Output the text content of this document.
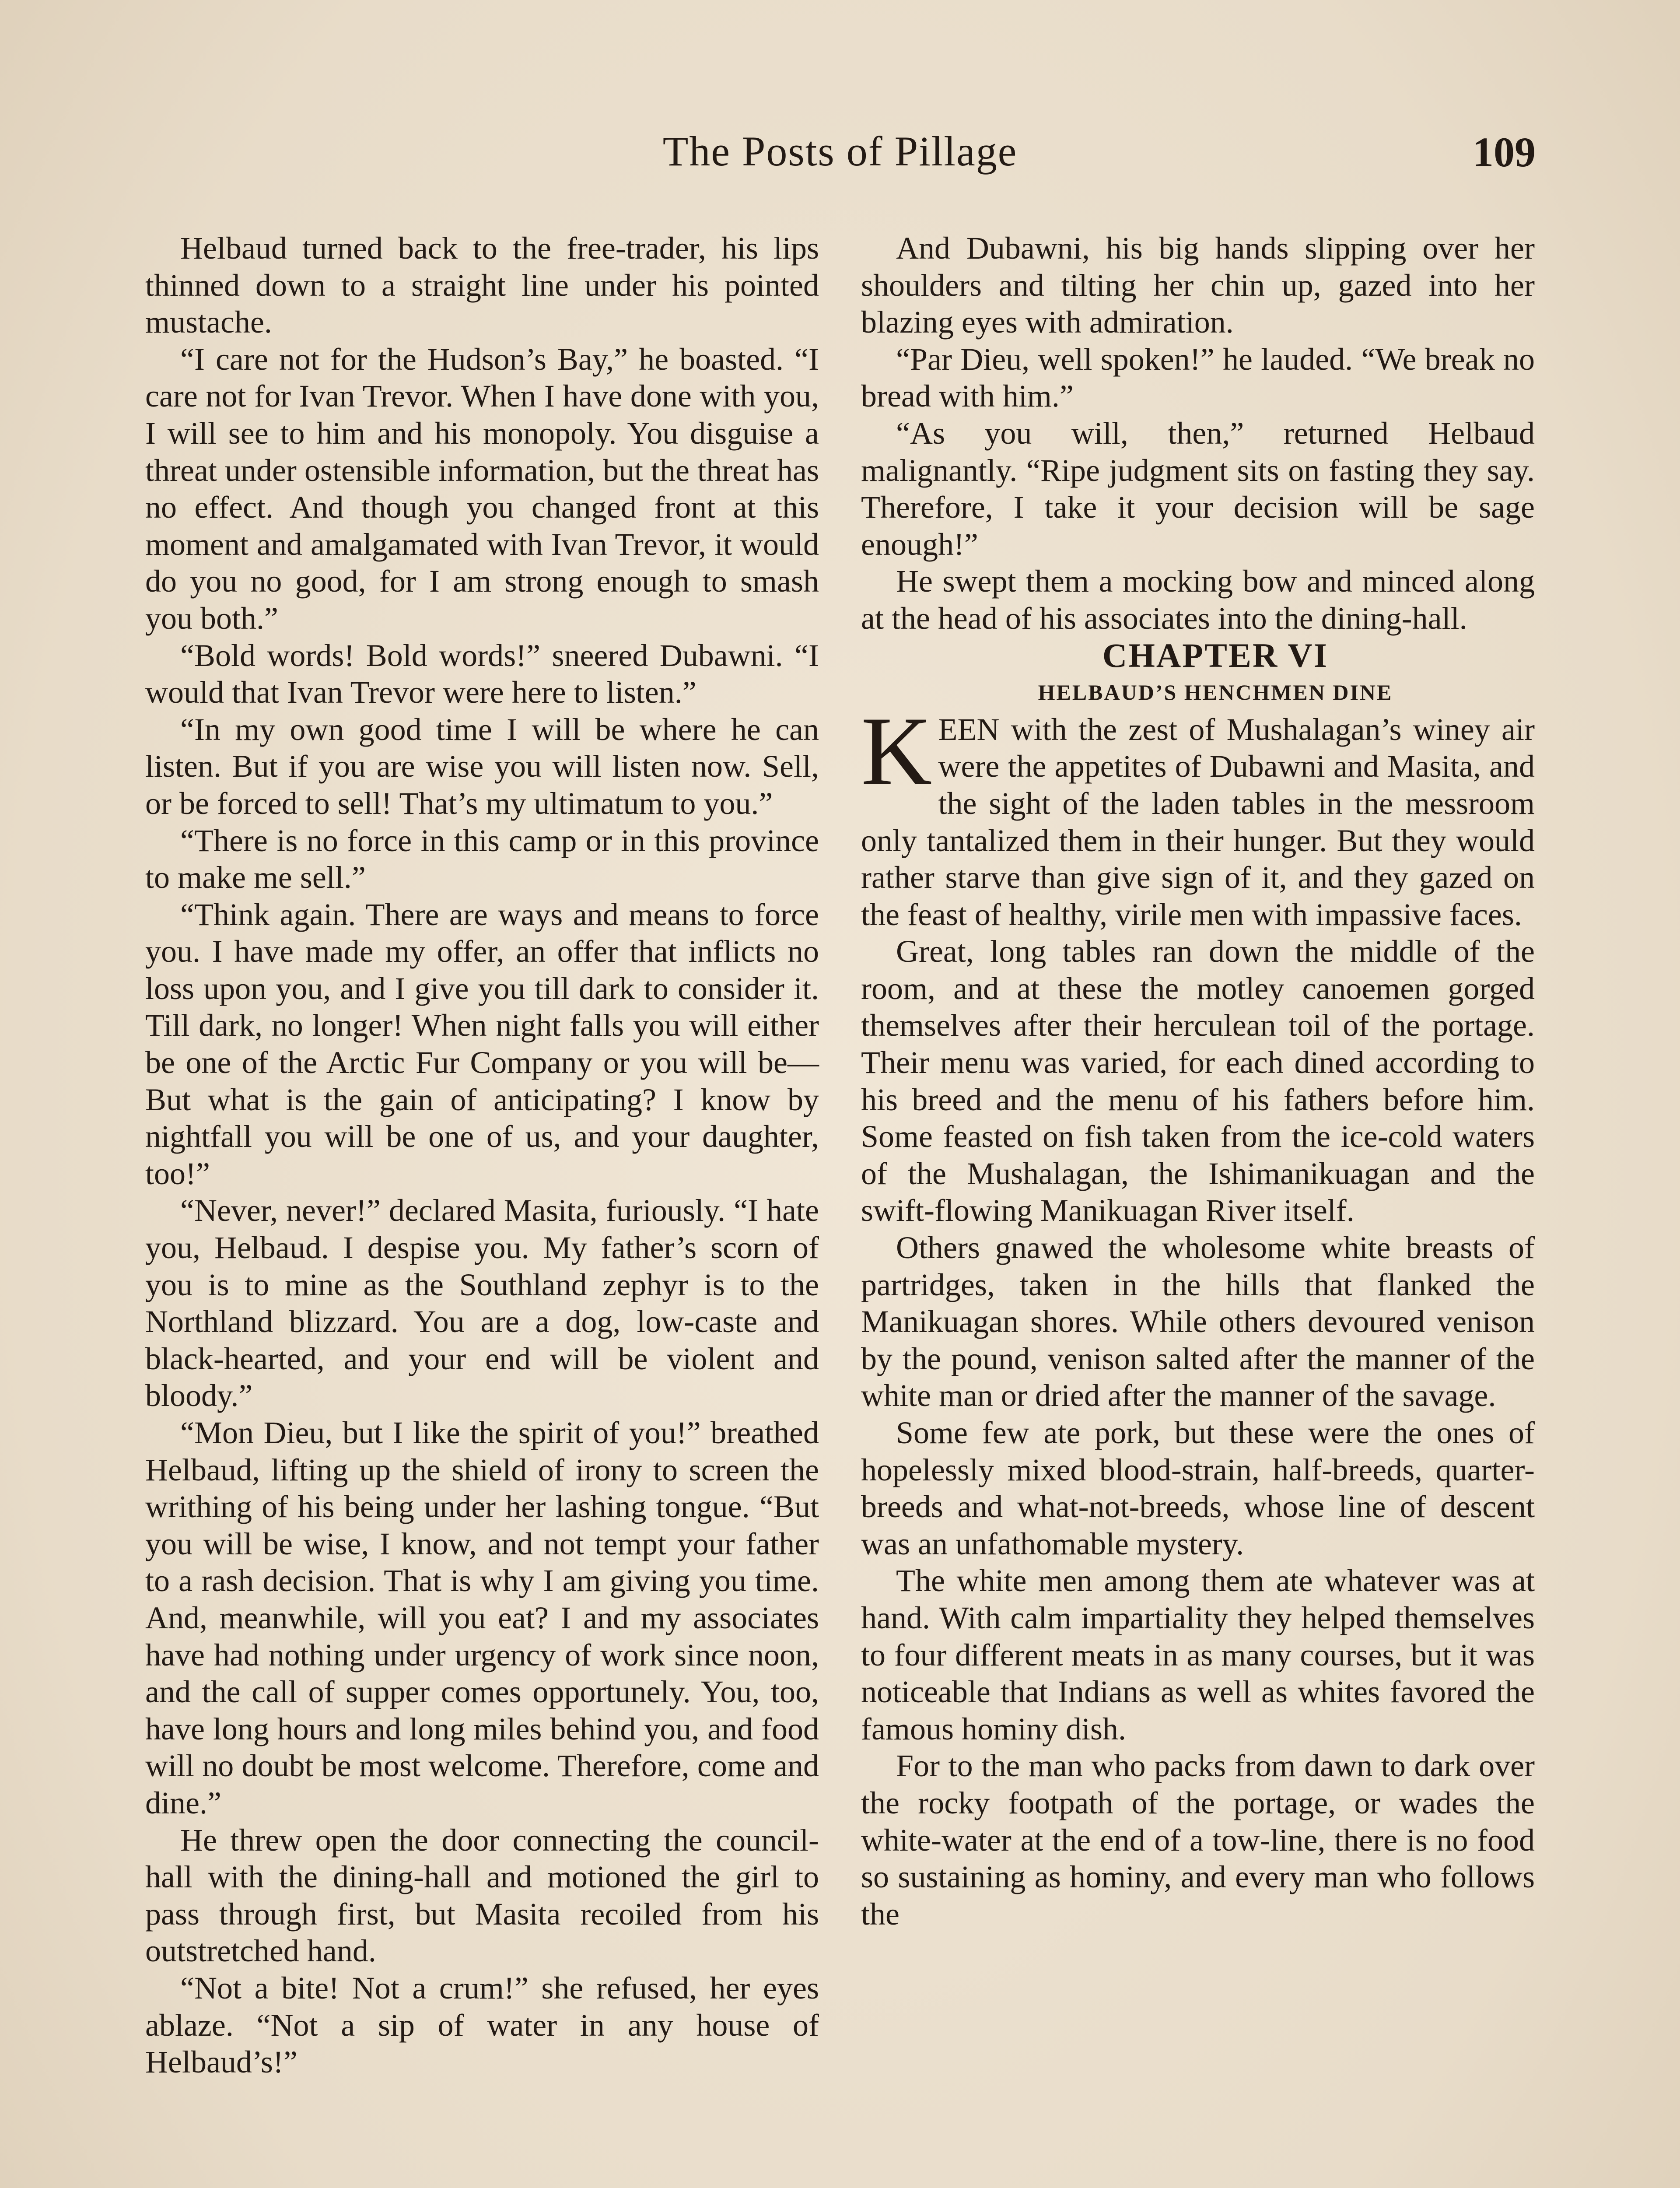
The Posts of Pillage	109

Helbaud turned back to the free-trader, his lips thinned down to a straight line under his pointed mustache.

“I care not for the Hudson’s Bay,” he boasted. “I care not for Ivan Trevor. When I have done with you, I will see to him and his monopoly. You disguise a threat under ostensible information, but the threat has no effect. And though you changed front at this moment and amalgamated with Ivan Trevor, it would do you no good, for I am strong enough to smash you both.”

“Bold words! Bold words!” sneered Dubawni. “I would that Ivan Trevor were here to listen.”

“In my own good time I will be where he can listen. But if you are wise you will listen now. Sell, or be forced to sell! That’s my ultimatum to you.”

“There is no force in this camp or in this province to make me sell.”

“Think again. There are ways and means to force you. I have made my offer, an offer that inflicts no loss upon you, and I give you till dark to consider it. Till dark, no longer! When night falls you will either be one of the Arctic Fur Company or you will be— But what is the gain of anticipating? I know by nightfall you will be one of us, and your daughter, too!”

“Never, never!” declared Masita, furiously. “I hate you, Helbaud. I despise you. My father’s scorn of you is to mine as the Southland zephyr is to the Northland blizzard. You are a dog, low-caste and black-hearted, and your end will be violent and bloody.”

“Mon Dieu, but I like the spirit of you!” breathed Helbaud, lifting up the shield of irony to screen the writhing of his being under her lashing tongue. “But you will be wise, I know, and not tempt your father to a rash decision. That is why I am giving you time. And, meanwhile, will you eat? I and my associates have had nothing under urgency of work since noon, and the call of supper comes opportunely. You, too, have long hours and long miles behind you, and food will no doubt be most welcome. Therefore, come and dine.”

He threw open the door connecting the council-hall with the dining-hall and motioned the girl to pass through first, but Masita recoiled from his outstretched hand.

“Not a bite! Not a crum!” she refused, her eyes ablaze. “Not a sip of water in any house of Helbaud’s!”

And Dubawni, his big hands slipping over her shoulders and tilting her chin up, gazed into her blazing eyes with admiration.

“Par Dieu, well spoken!” he lauded. “We break no bread with him.”

“As you will, then,” returned Helbaud malignantly. “Ripe judgment sits on fasting they say. Therefore, I take it your decision will be sage enough!”

He swept them a mocking bow and minced along at the head of his associates into the dining-hall.

CHAPTER VI

HELBAUD’S HENCHMEN DINE

KEEN with the zest of Mushalagan’s winey air were the appetites of Dubawni and Masita, and the sight of the laden tables in the messroom only tantalized them in their hunger. But they would rather starve than give sign of it, and they gazed on the feast of healthy, virile men with impassive faces.

Great, long tables ran down the middle of the room, and at these the motley canoemen gorged themselves after their herculean toil of the portage. Their menu was varied, for each dined according to his breed and the menu of his fathers before him. Some feasted on fish taken from the ice-cold waters of the Mushalagan, the Ishimanikuagan and the swift-flowing Manikuagan River itself.

Others gnawed the wholesome white breasts of partridges, taken in the hills that flanked the Manikuagan shores. While others devoured venison by the pound, venison salted after the manner of the white man or dried after the manner of the savage.

Some few ate pork, but these were the ones of hopelessly mixed blood-strain, half-breeds, quarter-breeds and what-not-breeds, whose line of descent was an unfathomable mystery.

The white men among them ate whatever was at hand. With calm impartiality they helped themselves to four different meats in as many courses, but it was noticeable that Indians as well as whites favored the famous hominy dish.

For to the man who packs from dawn to dark over the rocky footpath of the portage, or wades the white-water at the end of a tow-line, there is no food so sustaining as hominy, and every man who follows the
